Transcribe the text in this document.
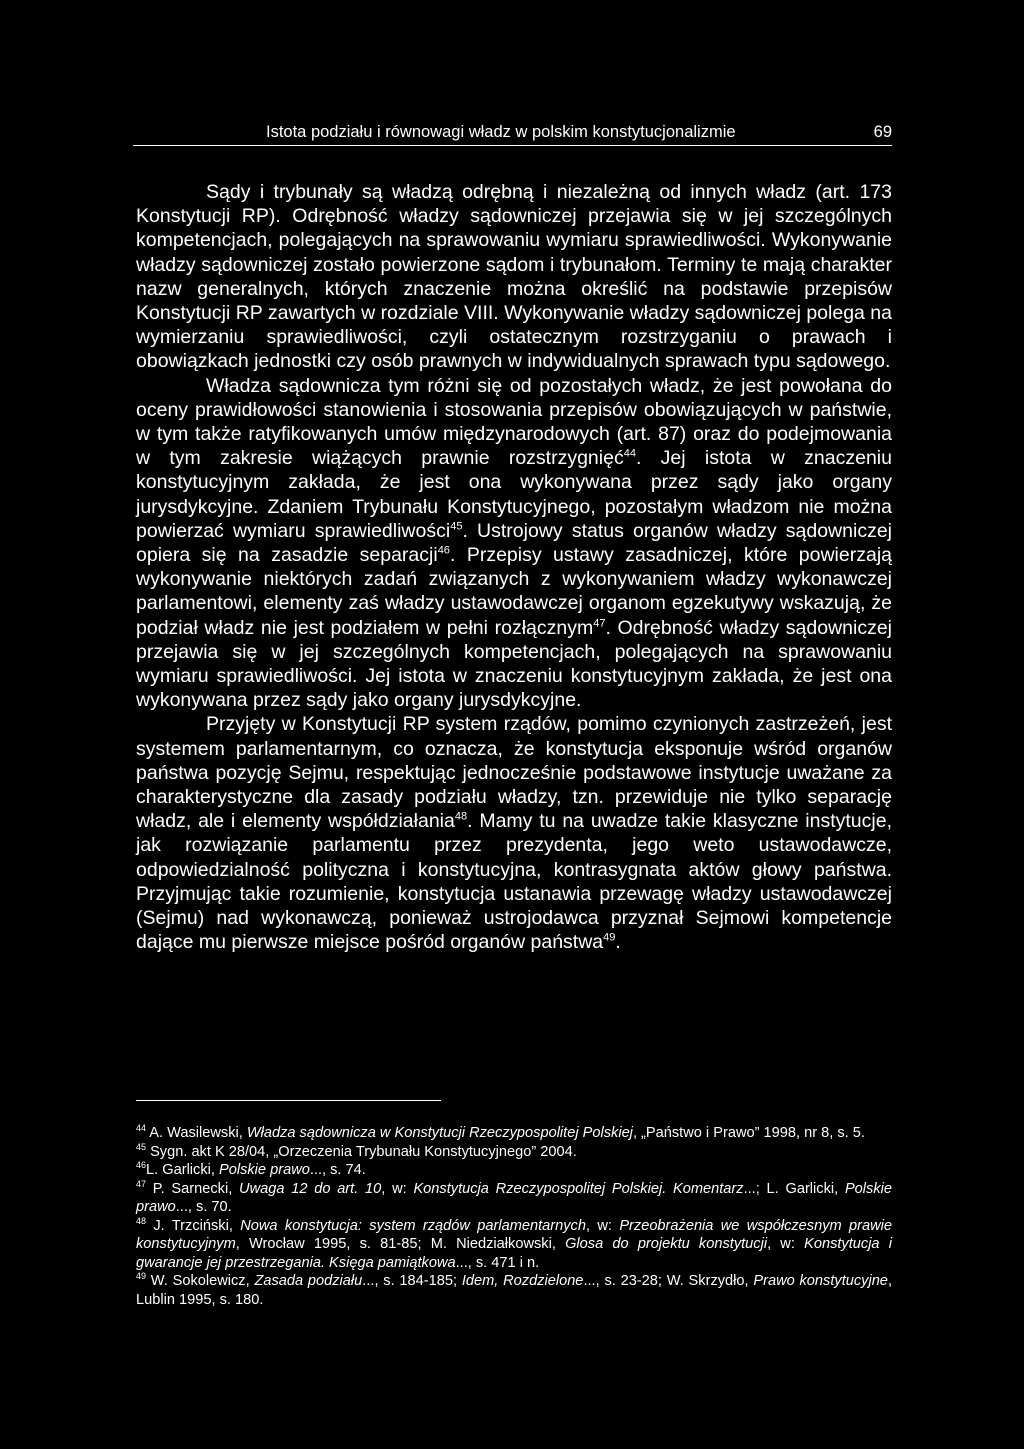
Istota podziału i równowagi władz w polskim konstytucjonalizmie	69

Sądy i trybunały są władzą odrębną i niezależną od innych władz (art. 173 Konstytucji RP). Odrębność władzy sądowniczej przejawia się w jej szczególnych kompetencjach, polegających na sprawowaniu wymiaru sprawiedliwości. Wykonywanie władzy sądowniczej zostało powierzone sądom i trybunałom. Terminy te mają charakter nazw generalnych, których znaczenie można określić na podstawie przepisów Konstytucji RP zawartych w rozdziale VIII. Wykonywanie władzy sądowniczej polega na wymierzaniu sprawiedliwości, czyli ostatecznym rozstrzyganiu o prawach i obowiązkach jednostki czy osób prawnych w indywidualnych sprawach typu sądowego.

Władza sądownicza tym różni się od pozostałych władz, że jest powołana do oceny prawidłowości stanowienia i stosowania przepisów obowiązujących w państwie, w tym także ratyfikowanych umów międzynarodowych (art. 87) oraz do podejmowania w tym zakresie wiążących prawnie rozstrzygnięć$^{44}$. Jej istota w znaczeniu konstytucyjnym zakłada, że jest ona wykonywana przez sądy jako organy jurysdykcyjne. Zdaniem Trybunału Konstytucyjnego, pozostałym władzom nie można powierzać wymiaru sprawiedliwości$^{45}$. Ustrojowy status organów władzy sądowniczej opiera się na zasadzie separacji$^{46}$. Przepisy ustawy zasadniczej, które powierzają wykonywanie niektórych zadań związanych z wykonywaniem władzy wykonawczej parlamentowi, elementy zaś władzy ustawodawczej organom egzekutywy wskazują, że podział władz nie jest podziałem w pełni rozłącznym$^{47}$. Odrębność władzy sądowniczej przejawia się w jej szczególnych kompetencjach, polegających na sprawowaniu wymiaru sprawiedliwości. Jej istota w znaczeniu konstytucyjnym zakłada, że jest ona wykonywana przez sądy jako organy jurysdykcyjne.

Przyjęty w Konstytucji RP system rządów, pomimo czynionych zastrzeżeń, jest systemem parlamentarnym, co oznacza, że konstytucja eksponuje wśród organów państwa pozycję Sejmu, respektując jednocześnie podstawowe instytucje uważane za charakterystyczne dla zasady podziału władzy, tzn. przewiduje nie tylko separację władz, ale i elementy współdziałania$^{48}$. Mamy tu na uwadze takie klasyczne instytucje, jak rozwiązanie parlamentu przez prezydenta, jego weto ustawodawcze, odpowiedzialność polityczna i konstytucyjna, kontrasygnata aktów głowy państwa. Przyjmując takie rozumienie, konstytucja ustanawia przewagę władzy ustawodawczej (Sejmu) nad wykonawczą, ponieważ ustrojodawca przyznał Sejmowi kompetencje dające mu pierwsze miejsce pośród organów państwa$^{49}$.

$^{44}$ A. Wasilewski, Władza sądownicza w Konstytucji Rzeczypospolitej Polskiej, „Państwo i Prawo” 1998, nr 8, s. 5.

$^{45}$ Sygn. akt K 28/04, „Orzeczenia Trybunału Konstytucyjnego” 2004.

$^{46}$L. Garlicki, Polskie prawo..., s. 74.

$^{47}$ P. Sarnecki, Uwaga 12 do art. 10, w: Konstytucja Rzeczypospolitej Polskiej. Komentarz...; L. Garlicki, Polskie prawo..., s. 70.

$^{48}$ J. Trzciński, Nowa konstytucja: system rządów parlamentarnych, w: Przeobrażenia we współczesnym prawie konstytucyjnym, Wrocław 1995, s. 81-85; M. Niedziałkowski, Glosa do projektu konstytucji, w: Konstytucja i gwarancje jej przestrzegania. Księga pamiątkowa..., s. 471 i n.

$^{49}$ W. Sokolewicz, Zasada podziału..., s. 184-185; Idem, Rozdzielone..., s. 23-28; W. Skrzydło, Prawo konstytucyjne, Lublin 1995, s. 180.
